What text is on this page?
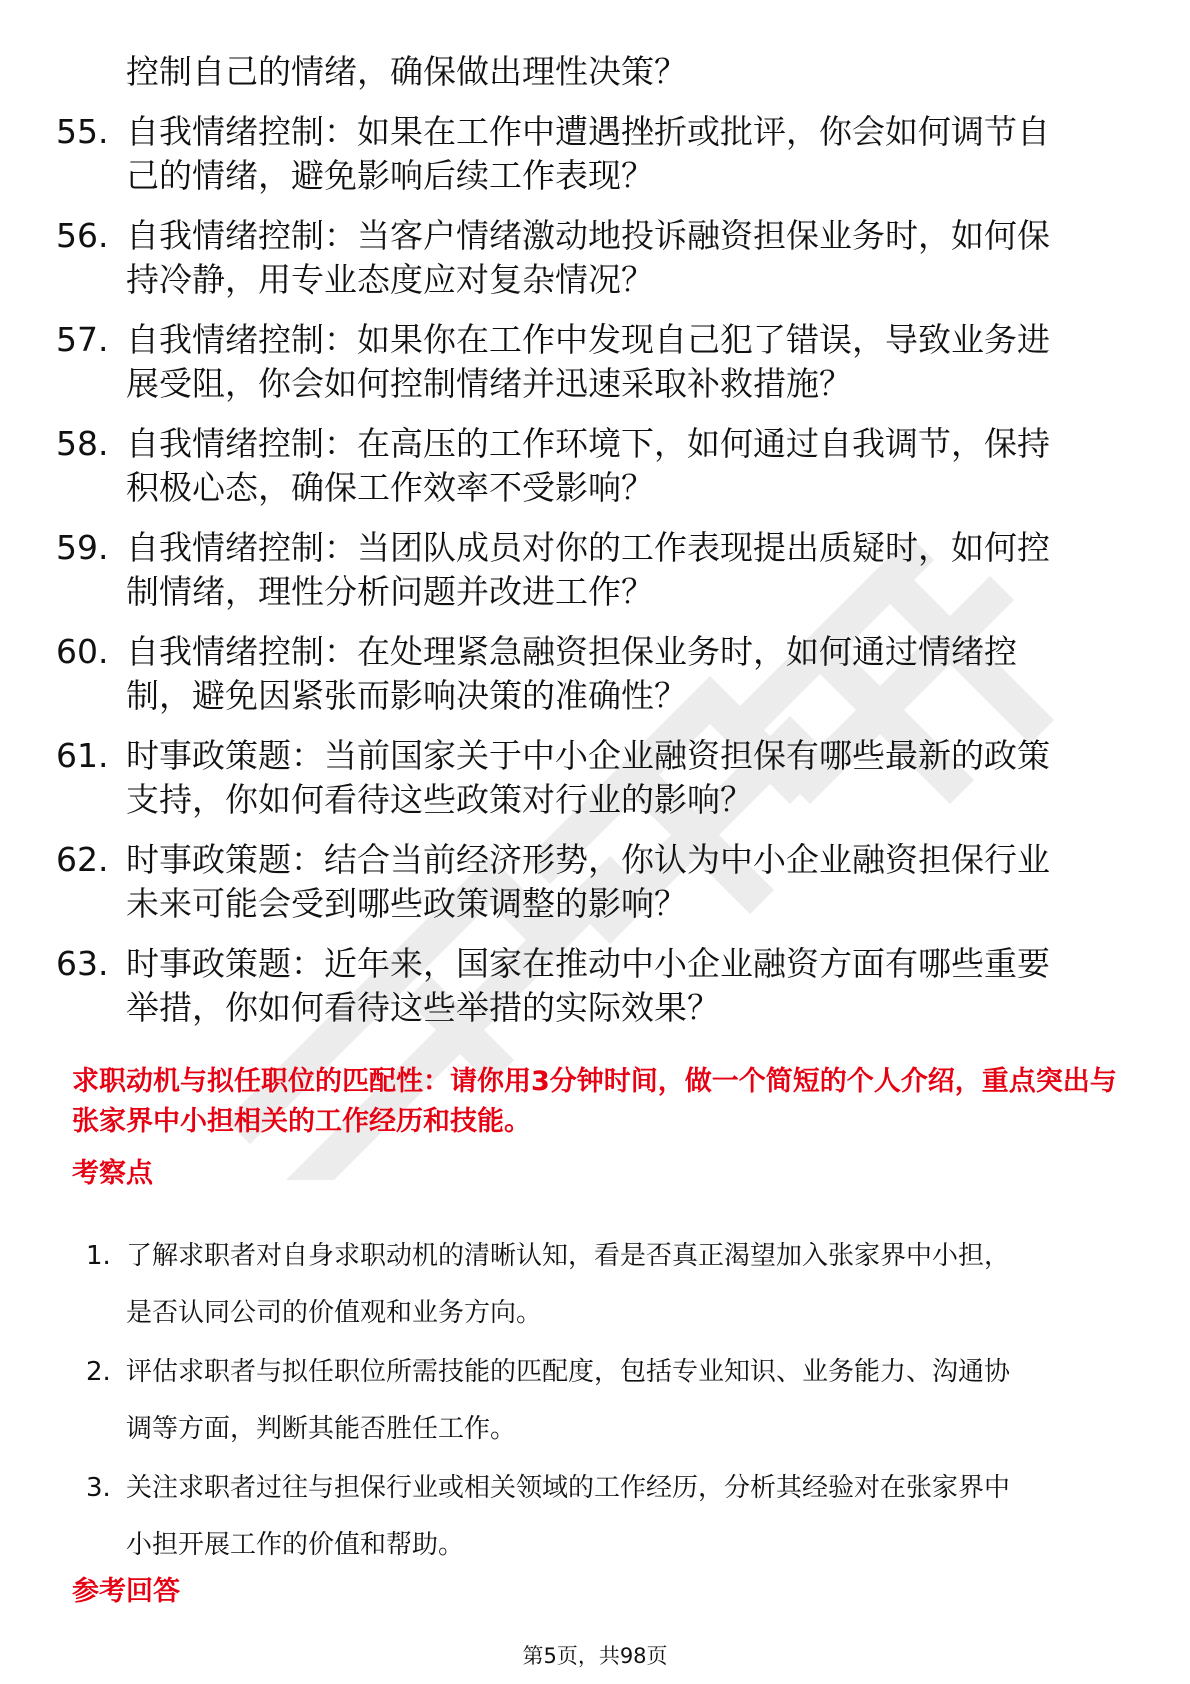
控制自己的情绪，确保做出理性决策？
55. 自我情绪控制：如果在工作中遭遇挫折或批评，你会如何调节自
己的情绪，避免影响后续工作表现？
56. 自我情绪控制：当客户情绪激动地投诉融资担保业务时，如何保
持冷静，用专业态度应对复杂情况？
57. 自我情绪控制：如果你在工作中发现自己犯了错误，导致业务进
展受阻，你会如何控制情绪并迅速采取补救措施？
58. 自我情绪控制：在高压的工作环境下，如何通过自我调节，保持
积极心态，确保工作效率不受影响？
59. 自我情绪控制：当团队成员对你的工作表现提出质疑时，如何控
制情绪，理性分析问题并改进工作？
60. 自我情绪控制：在处理紧急融资担保业务时，如何通过情绪控
制，避免因紧张而影响决策的准确性？
61. 时事政策题：当前国家关于中小企业融资担保有哪些最新的政策
支持，你如何看待这些政策对行业的影响？
62. 时事政策题：结合当前经济形势，你认为中小企业融资担保行业
未来可能会受到哪些政策调整的影响？
63. 时事政策题：近年来，国家在推动中小企业融资方面有哪些重要
举措，你如何看待这些举措的实际效果？
求职动机与拟任职位的匹配性：请你用3分钟时间，做一个简短的个人介绍，重点突出与张家界中小担相关的工作经历和技能。
考察点
1. 了解求职者对自身求职动机的清晰认知，看是否真正渴望加入张家界中小担，
是否认同公司的价值观和业务方向。
2. 评估求职者与拟任职位所需技能的匹配度，包括专业知识、业务能力、沟通协
调等方面，判断其能否胜任工作。
3. 关注求职者过往与担保行业或相关领域的工作经历，分析其经验对在张家界中
小担开展工作的价值和帮助。
参考回答
第5页，共98页
